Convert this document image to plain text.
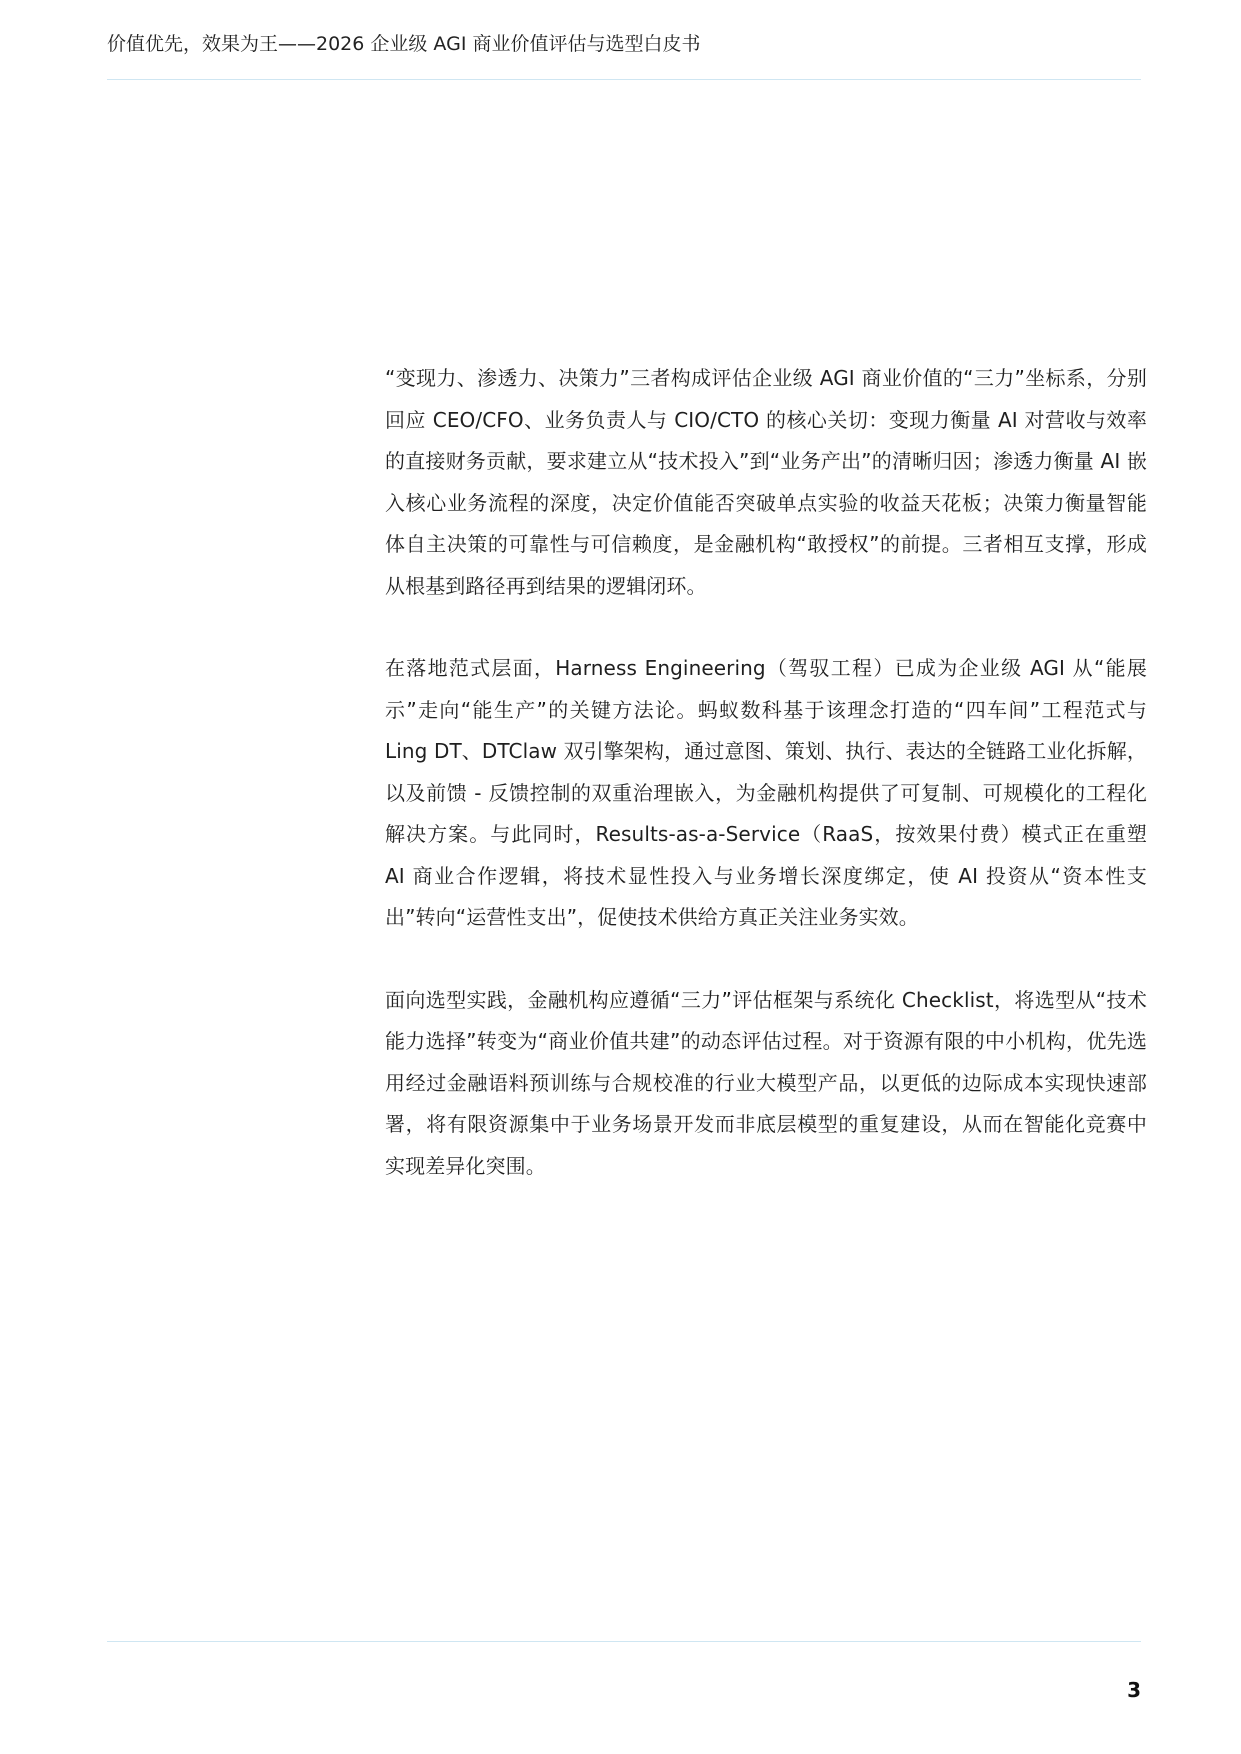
价值优先，效果为王——2026 企业级 AGI 商业价值评估与选型白皮书

“变现力、渗透力、决策力”三者构成评估企业级 AGI 商业价值的“三力”坐标系，分别回应 CEO/CFO、业务负责人与 CIO/CTO 的核心关切：变现力衡量 AI 对营收与效率的直接财务贡献，要求建立从“技术投入”到“业务产出”的清晰归因；渗透力衡量 AI 嵌入核心业务流程的深度，决定价值能否突破单点实验的收益天花板；决策力衡量智能体自主决策的可靠性与可信赖度，是金融机构“敢授权”的前提。三者相互支撑，形成从根基到路径再到结果的逻辑闭环。

在落地范式层面，Harness Engineering（驾驭工程）已成为企业级 AGI 从“能展示”走向“能生产”的关键方法论。蚂蚁数科基于该理念打造的“四车间”工程范式与 Ling DT、DTClaw 双引擎架构，通过意图、策划、执行、表达的全链路工业化拆解，以及前馈 - 反馈控制的双重治理嵌入，为金融机构提供了可复制、可规模化的工程化解决方案。与此同时，Results-as-a-Service（RaaS，按效果付费）模式正在重塑 AI 商业合作逻辑，将技术显性投入与业务增长深度绑定，使 AI 投资从“资本性支出”转向“运营性支出”，促使技术供给方真正关注业务实效。

面向选型实践，金融机构应遵循“三力”评估框架与系统化 Checklist，将选型从“技术能力选择”转变为“商业价值共建”的动态评估过程。对于资源有限的中小机构，优先选用经过金融语料预训练与合规校准的行业大模型产品，以更低的边际成本实现快速部署，将有限资源集中于业务场景开发而非底层模型的重复建设，从而在智能化竞赛中实现差异化突围。

3
